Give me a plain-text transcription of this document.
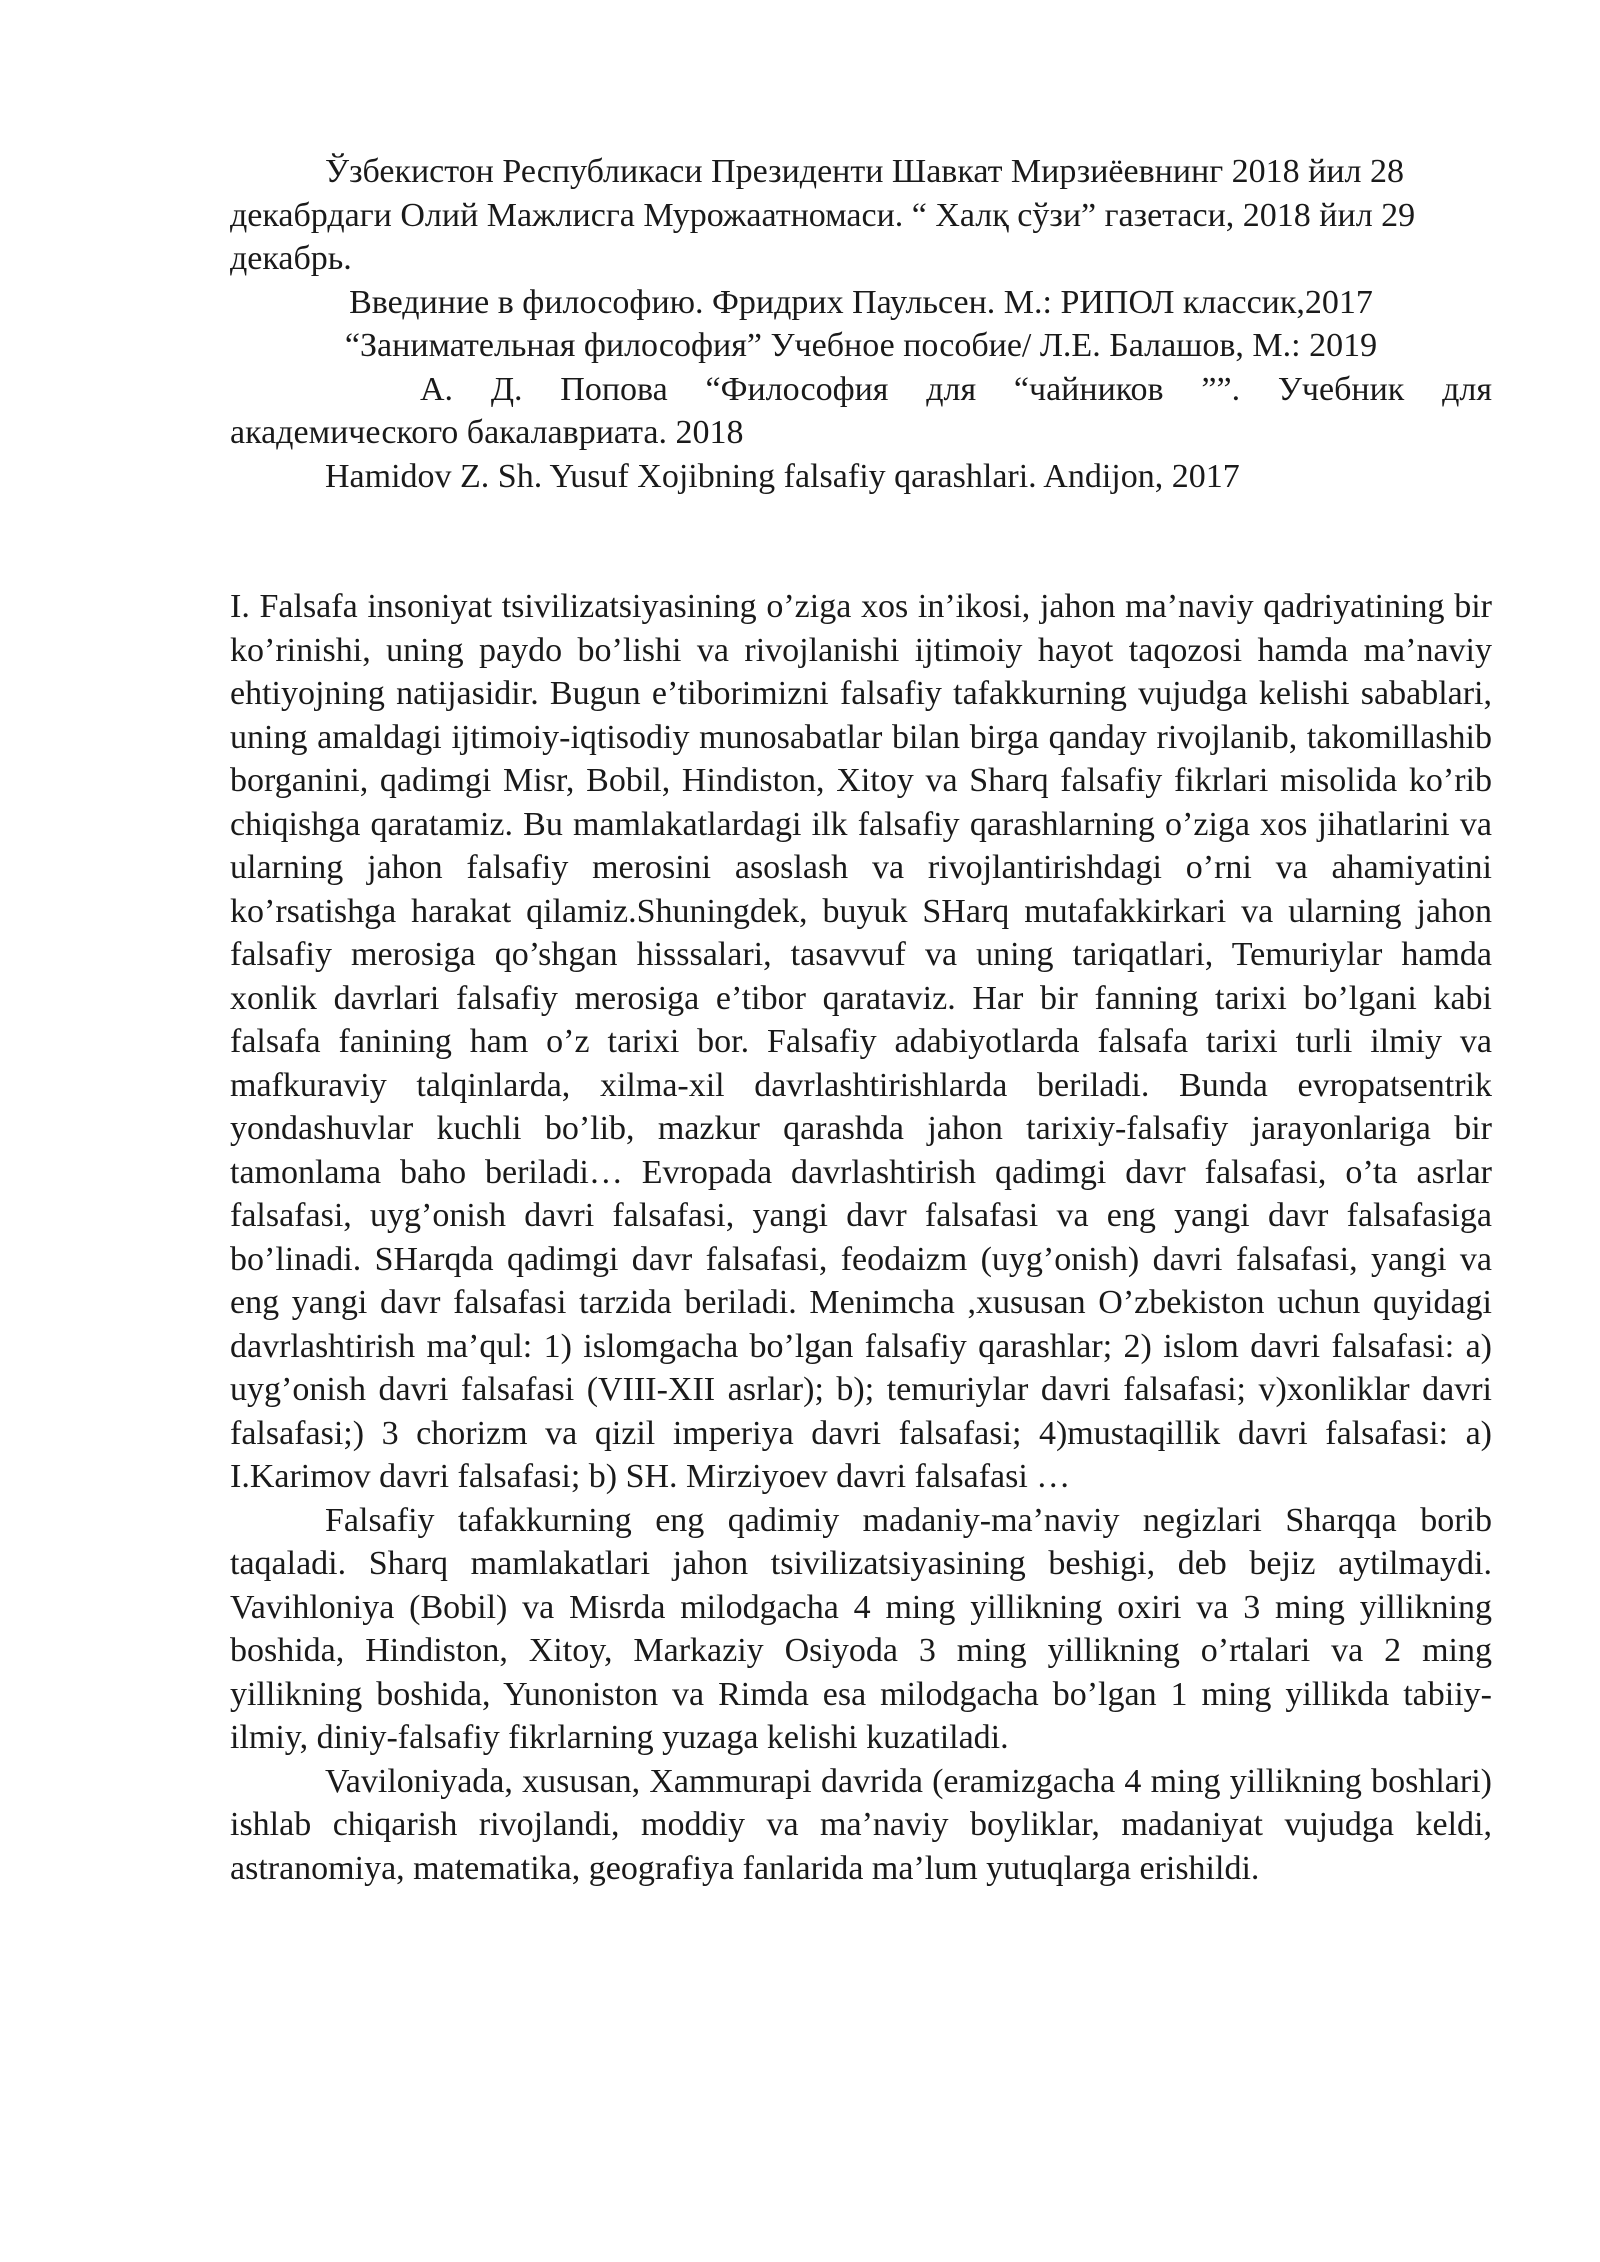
Ўзбекистон Республикаси Президенти Шавкат Мирзиёевнинг 2018 йил 28 декабрдаги Олий Мажлисга Мурожаатномаси. “ Халқ сўзи” газетаси, 2018 йил 29 декабрь.

Введиние в философию. Фридрих Паульсен. М.: РИПОЛ классик,2017

“Занимательная философия” Учебное пособие/ Л.Е. Балашов, М.: 2019

А. Д. Попова “Философия для “чайников ””. Учебник для
академического бакалавриата. 2018

Hamidov Z. Sh. Yusuf Xojibning falsafiy qarashlari. Andijon, 2017

I. Falsafa insoniyat tsivilizatsiyasining o’ziga xos in’ikosi, jahon ma’naviy qadriyatining bir ko’rinishi, uning paydo bo’lishi va rivojlanishi ijtimoiy hayot taqozosi hamda ma’naviy ehtiyojning natijasidir. Bugun e’tiborimizni falsafiy tafakkurning vujudga kelishi sabablari, uning amaldagi ijtimoiy-iqtisodiy munosabatlar bilan birga qanday rivojlanib, takomillashib borganini, qadimgi Misr, Bobil, Hindiston, Xitoy va Sharq falsafiy fikrlari misolida ko’rib chiqishga qaratamiz. Bu mamlakatlardagi ilk falsafiy qarashlarning o’ziga xos jihatlarini va ularning jahon falsafiy merosini asoslash va rivojlantirishdagi o’rni va ahamiyatini ko’rsatishga harakat qilamiz.Shuningdek, buyuk SHarq mutafakkirkari va ularning jahon falsafiy merosiga qo’shgan hisssalari, tasavvuf va uning tariqatlari, Temuriylar hamda xonlik davrlari falsafiy merosiga e’tibor qarataviz. Har bir fanning tarixi bo’lgani kabi falsafa fanining ham o’z tarixi bor. Falsafiy adabiyotlarda falsafa tarixi turli ilmiy va mafkuraviy talqinlarda, xilma-xil davrlashtirishlarda beriladi. Bunda evropatsentrik yondashuvlar kuchli bo’lib, mazkur qarashda jahon tarixiy-falsafiy jarayonlariga bir tamonlama baho beriladi… Evropada davrlashtirish qadimgi davr falsafasi, o’ta asrlar falsafasi, uyg’onish davri falsafasi, yangi davr falsafasi va eng yangi davr falsafasiga bo’linadi. SHarqda qadimgi davr falsafasi, feodaizm (uyg’onish) davri falsafasi, yangi va eng yangi davr falsafasi tarzida beriladi. Menimcha ,xususan O’zbekiston uchun quyidagi davrlashtirish ma’qul: 1) islomgacha bo’lgan falsafiy qarashlar; 2) islom davri falsafasi: a) uyg’onish davri falsafasi (VIII-XII asrlar); b); temuriylar davri falsafasi; v)xonliklar davri falsafasi;) 3 chorizm va qizil imperiya davri falsafasi; 4)mustaqillik davri falsafasi: a) I.Karimov davri falsafasi; b) SH. Mirziyoev davri falsafasi …

Falsafiy tafakkurning eng qadimiy madaniy-ma’naviy negizlari Sharqqa borib taqaladi. Sharq mamlakatlari jahon tsivilizatsiyasining beshigi, deb bejiz aytilmaydi. Vavihloniya (Bobil) va Misrda milodgacha 4 ming yillikning oxiri va 3 ming yillikning boshida, Hindiston, Xitoy, Markaziy Osiyoda 3 ming yillikning o’rtalari va 2 ming yillikning boshida, Yunoniston va Rimda esa milodgacha bo’lgan 1 ming yillikda tabiiy-ilmiy, diniy-falsafiy fikrlarning yuzaga kelishi kuzatiladi.

Vaviloniyada, xususan, Xammurapi davrida (eramizgacha 4 ming yillikning boshlari) ishlab chiqarish rivojlandi, moddiy va ma’naviy boyliklar, madaniyat vujudga keldi, astranomiya, matematika, geografiya fanlarida ma’lum yutuqlarga erishildi.
